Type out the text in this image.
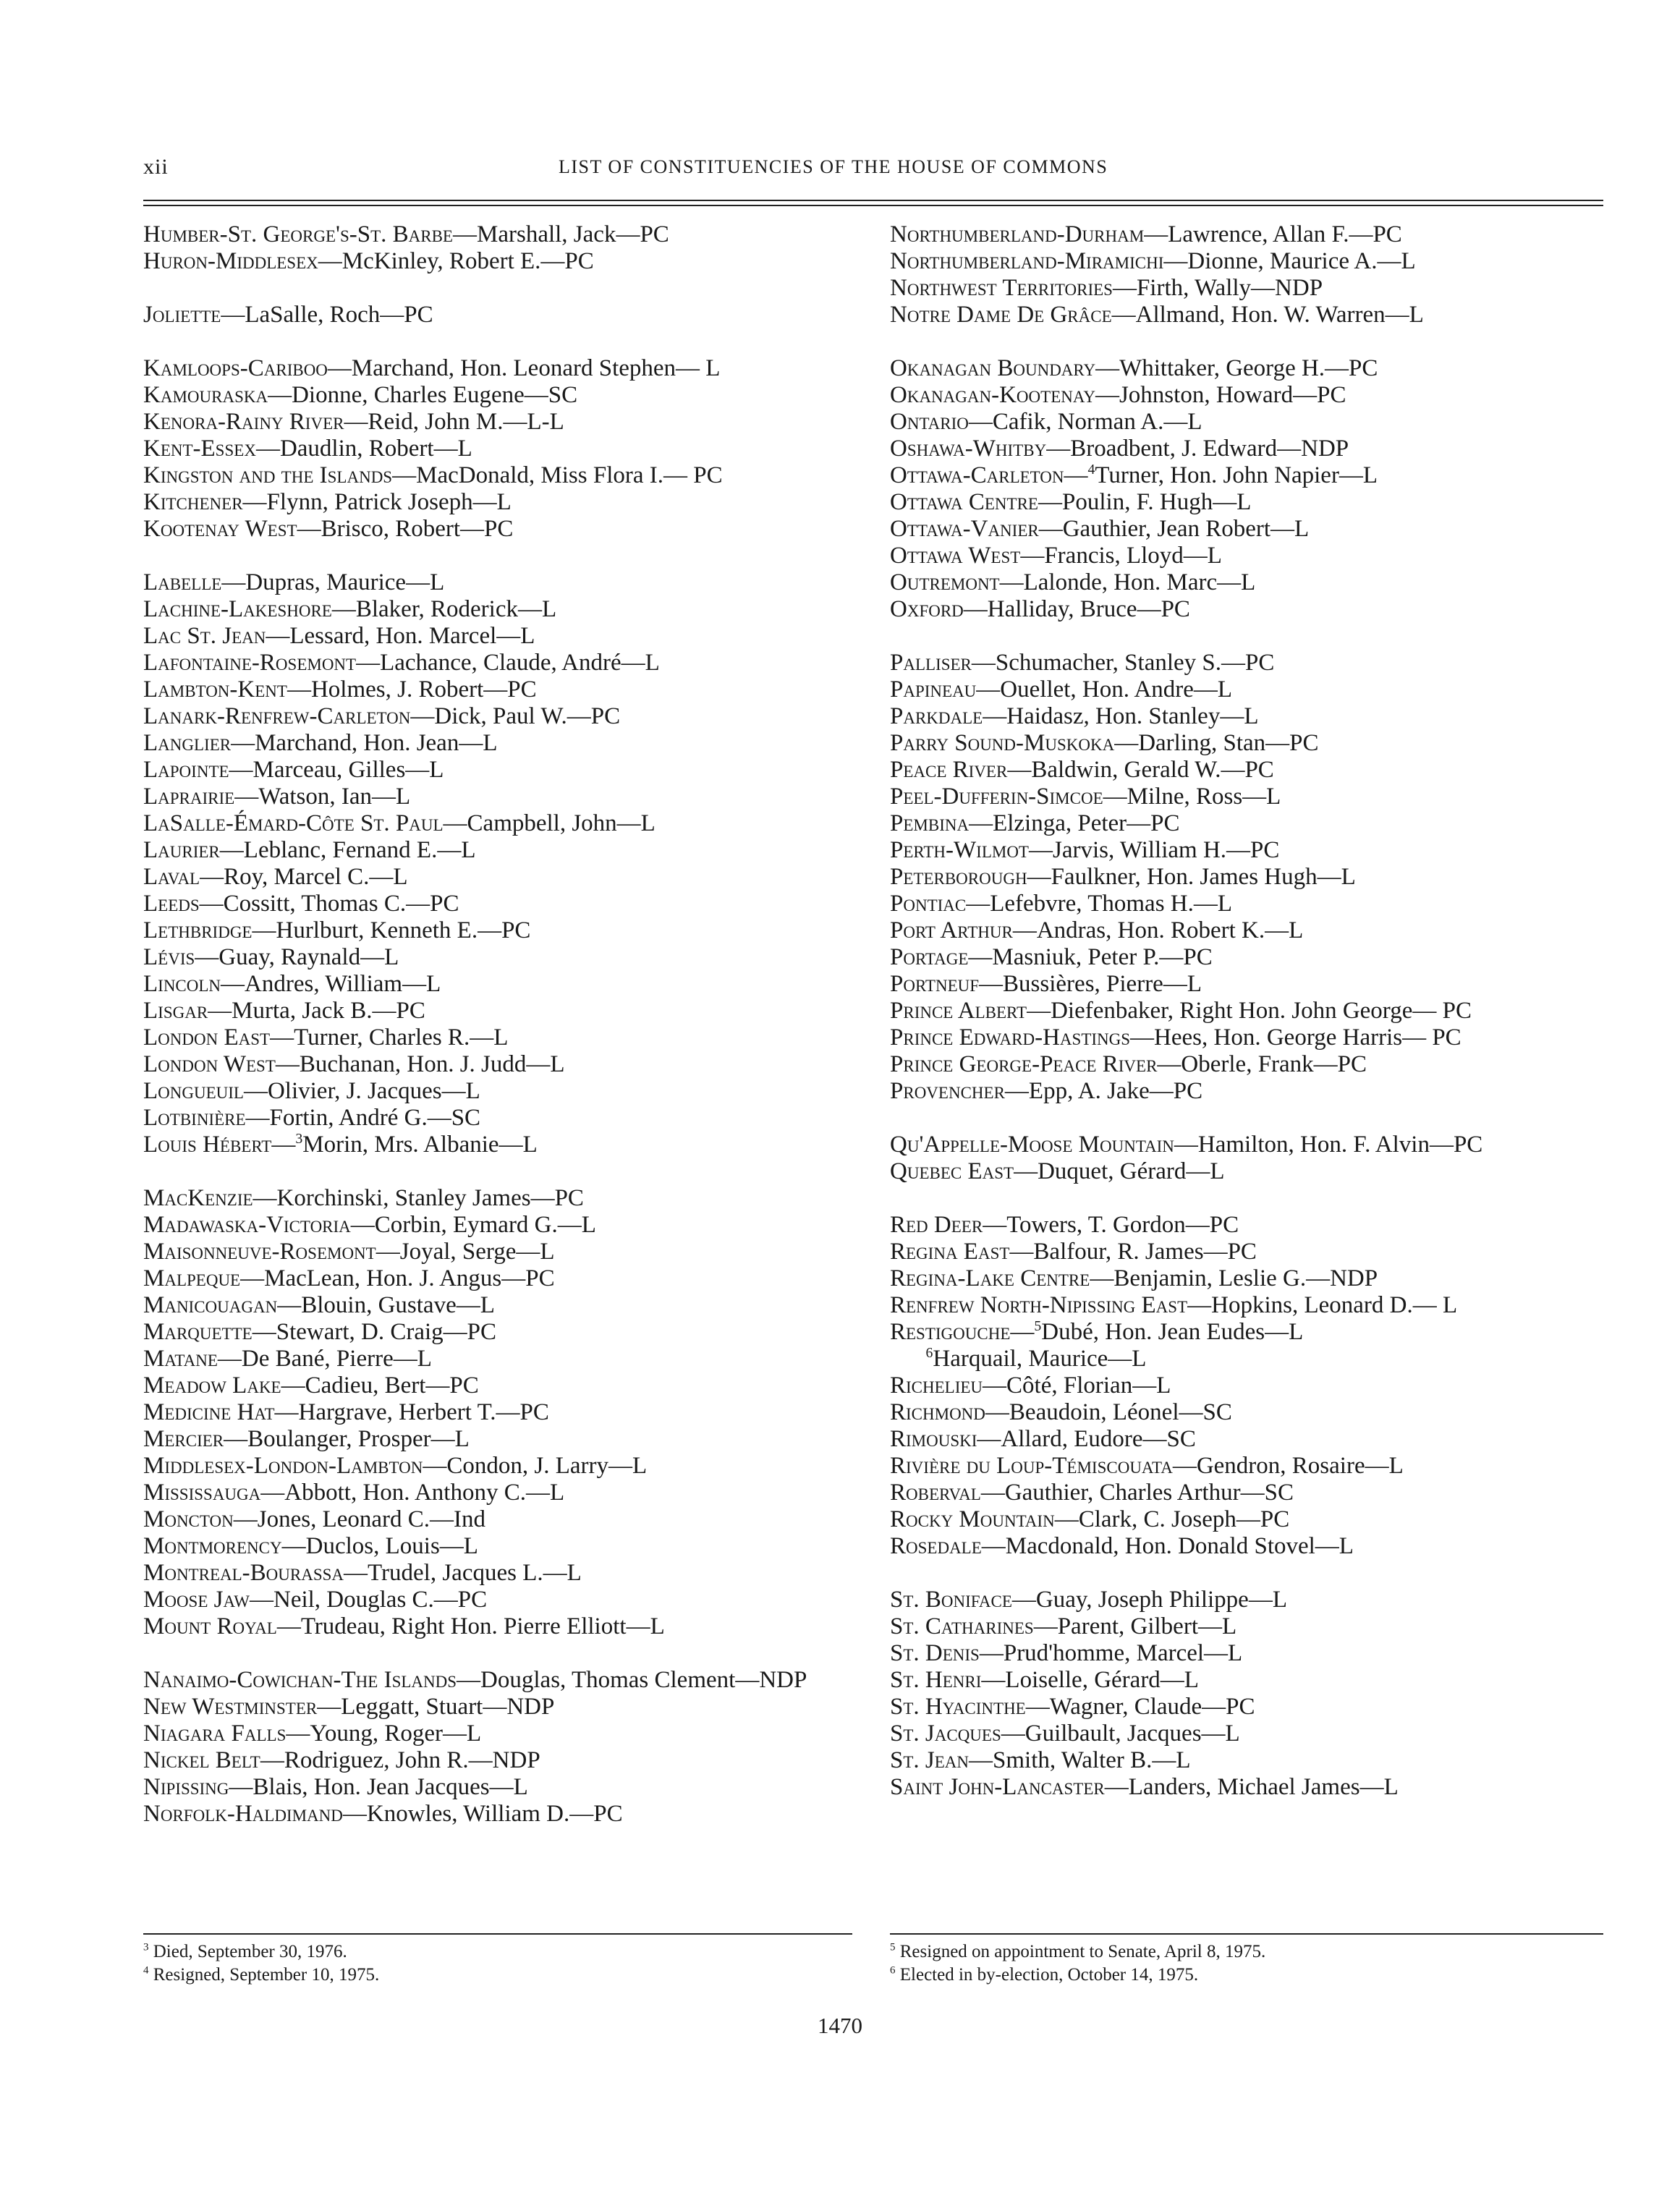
xii	LIST OF CONSTITUENCIES OF THE HOUSE OF COMMONS
Humber-St. George's-St. Barbe—Marshall, Jack—PC
Huron-Middlesex—McKinley, Robert E.—PC
Joliette—LaSalle, Roch—PC
Kamloops-Cariboo—Marchand, Hon. Leonard Stephen— L
Kamouraska—Dionne, Charles Eugene—SC
Kenora-Rainy River—Reid, John M.—L-L
Kent-Essex—Daudlin, Robert—L
Kingston and the Islands—MacDonald, Miss Flora I.— PC
Kitchener—Flynn, Patrick Joseph—L
Kootenay West—Brisco, Robert—PC
Labelle—Dupras, Maurice—L
Lachine-Lakeshore—Blaker, Roderick—L
Lac St. Jean—Lessard, Hon. Marcel—L
Lafontaine-Rosemont—Lachance, Claude, André—L
Lambton-Kent—Holmes, J. Robert—PC
Lanark-Renfrew-Carleton—Dick, Paul W.—PC
Langlier—Marchand, Hon. Jean—L
Lapointe—Marceau, Gilles—L
Laprairie—Watson, Ian—L
LaSalle-Émard-Côte St. Paul—Campbell, John—L
Laurier—Leblanc, Fernand E.—L
Laval—Roy, Marcel C.—L
Leeds—Cossitt, Thomas C.—PC
Lethbridge—Hurlburt, Kenneth E.—PC
Lévis—Guay, Raynald—L
Lincoln—Andres, William—L
Lisgar—Murta, Jack B.—PC
London East—Turner, Charles R.—L
London West—Buchanan, Hon. J. Judd—L
Longueuil—Olivier, J. Jacques—L
Lotbinière—Fortin, André G.—SC
Louis Hébert—$^3$Morin, Mrs. Albanie—L
MacKenzie—Korchinski, Stanley James—PC
Madawaska-Victoria—Corbin, Eymard G.—L
Maisonneuve-Rosemont—Joyal, Serge—L
Malpeque—MacLean, Hon. J. Angus—PC
Manicouagan—Blouin, Gustave—L
Marquette—Stewart, D. Craig—PC
Matane—De Bané, Pierre—L
Meadow Lake—Cadieu, Bert—PC
Medicine Hat—Hargrave, Herbert T.—PC
Mercier—Boulanger, Prosper—L
Middlesex-London-Lambton—Condon, J. Larry—L
Mississauga—Abbott, Hon. Anthony C.—L
Moncton—Jones, Leonard C.—Ind
Montmorency—Duclos, Louis—L
Montreal-Bourassa—Trudel, Jacques L.—L
Moose Jaw—Neil, Douglas C.—PC
Mount Royal—Trudeau, Right Hon. Pierre Elliott—L
Nanaimo-Cowichan-The Islands—Douglas, Thomas Clement—NDP
New Westminster—Leggatt, Stuart—NDP
Niagara Falls—Young, Roger—L
Nickel Belt—Rodriguez, John R.—NDP
Nipissing—Blais, Hon. Jean Jacques—L
Norfolk-Haldimand—Knowles, William D.—PC
Northumberland-Durham—Lawrence, Allan F.—PC
Northumberland-Miramichi—Dionne, Maurice A.—L
Northwest Territories—Firth, Wally—NDP
Notre Dame De Grâce—Allmand, Hon. W. Warren—L
Okanagan Boundary—Whittaker, George H.—PC
Okanagan-Kootenay—Johnston, Howard—PC
Ontario—Cafik, Norman A.—L
Oshawa-Whitby—Broadbent, J. Edward—NDP
Ottawa-Carleton—$^4$Turner, Hon. John Napier—L
Ottawa Centre—Poulin, F. Hugh—L
Ottawa-Vanier—Gauthier, Jean Robert—L
Ottawa West—Francis, Lloyd—L
Outremont—Lalonde, Hon. Marc—L
Oxford—Halliday, Bruce—PC
Palliser—Schumacher, Stanley S.—PC
Papineau—Ouellet, Hon. Andre—L
Parkdale—Haidasz, Hon. Stanley—L
Parry Sound-Muskoka—Darling, Stan—PC
Peace River—Baldwin, Gerald W.—PC
Peel-Dufferin-Simcoe—Milne, Ross—L
Pembina—Elzinga, Peter—PC
Perth-Wilmot—Jarvis, William H.—PC
Peterborough—Faulkner, Hon. James Hugh—L
Pontiac—Lefebvre, Thomas H.—L
Port Arthur—Andras, Hon. Robert K.—L
Portage—Masniuk, Peter P.—PC
Portneuf—Bussières, Pierre—L
Prince Albert—Diefenbaker, Right Hon. John George— PC
Prince Edward-Hastings—Hees, Hon. George Harris— PC
Prince George-Peace River—Oberle, Frank—PC
Provencher—Epp, A. Jake—PC
Qu'Appelle-Moose Mountain—Hamilton, Hon. F. Alvin—PC
Quebec East—Duquet, Gérard—L
Red Deer—Towers, T. Gordon—PC
Regina East—Balfour, R. James—PC
Regina-Lake Centre—Benjamin, Leslie G.—NDP
Renfrew North-Nipissing East—Hopkins, Leonard D.— L
Restigouche—$^5$Dubé, Hon. Jean Eudes—L
$^6$Harquail, Maurice—L
Richelieu—Côté, Florian—L
Richmond—Beaudoin, Léonel—SC
Rimouski—Allard, Eudore—SC
Rivière du Loup-Témiscouata—Gendron, Rosaire—L
Roberval—Gauthier, Charles Arthur—SC
Rocky Mountain—Clark, C. Joseph—PC
Rosedale—Macdonald, Hon. Donald Stovel—L
St. Boniface—Guay, Joseph Philippe—L
St. Catharines—Parent, Gilbert—L
St. Denis—Prud'homme, Marcel—L
St. Henri—Loiselle, Gérard—L
St. Hyacinthe—Wagner, Claude—PC
St. Jacques—Guilbault, Jacques—L
St. Jean—Smith, Walter B.—L
Saint John-Lancaster—Landers, Michael James—L
$^3$ Died, September 30, 1976.
$^4$ Resigned, September 10, 1975.
$^5$ Resigned on appointment to Senate, April 8, 1975.
$^6$ Elected in by-election, October 14, 1975.
1470
